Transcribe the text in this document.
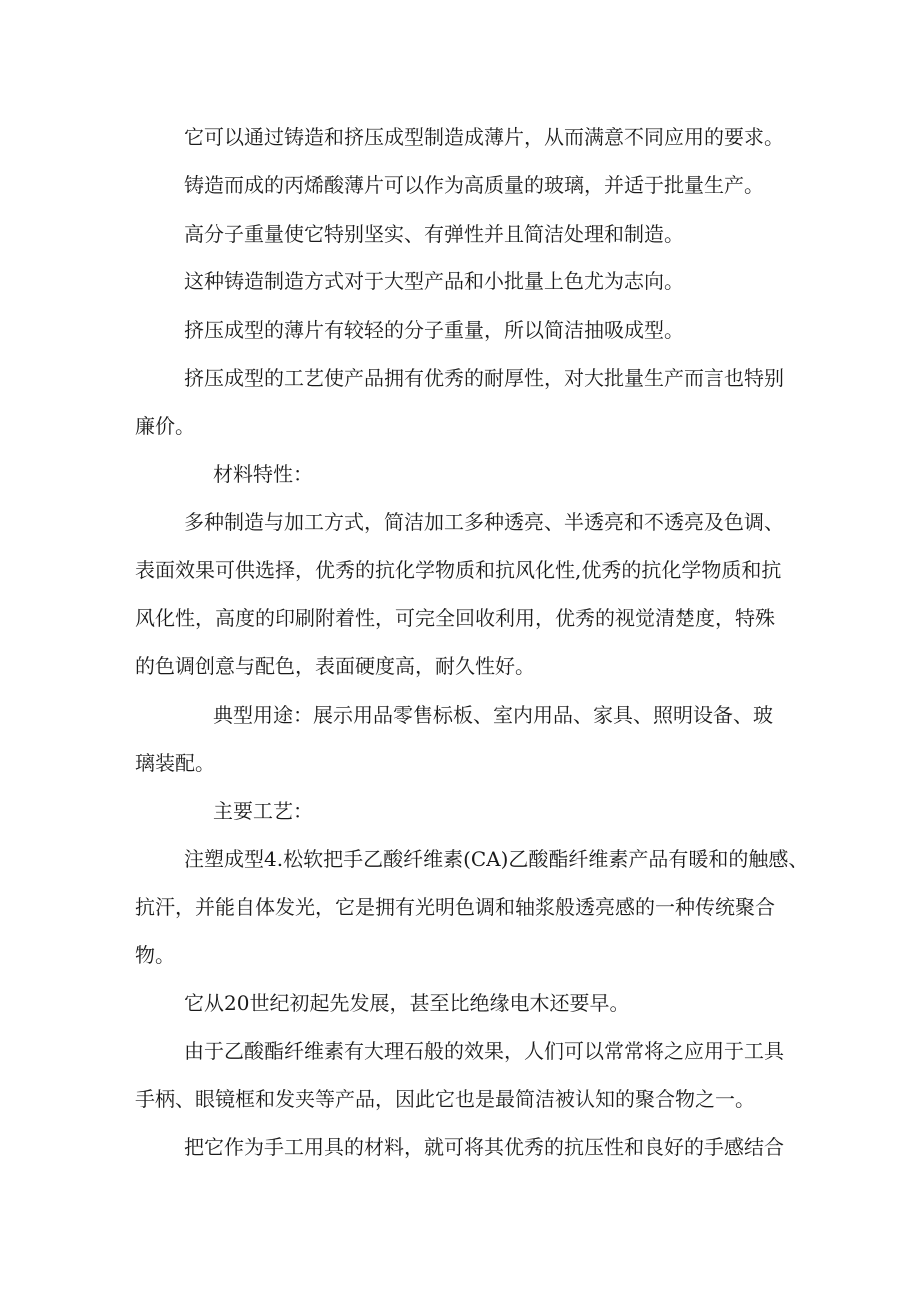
它可以通过铸造和挤压成型制造成薄片，从而满意不同应用的要求。
铸造而成的丙烯酸薄片可以作为高质量的玻璃，并适于批量生产。
高分子重量使它特别坚实、有弹性并且简洁处理和制造。
这种铸造制造方式对于大型产品和小批量上色尤为志向。
挤压成型的薄片有较轻的分子重量，所以简洁抽吸成型。
挤压成型的工艺使产品拥有优秀的耐厚性，对大批量生产而言也特别
廉价。
材料特性：
多种制造与加工方式，简洁加工多种透亮、半透亮和不透亮及色调、
表面效果可供选择，优秀的抗化学物质和抗风化性,优秀的抗化学物质和抗
风化性，高度的印刷附着性，可完全回收利用，优秀的视觉清楚度，特殊
的色调创意与配色，表面硬度高，耐久性好。
典型用途：展示用品零售标板、室内用品、家具、照明设备、玻
璃装配。
主要工艺：
注塑成型4.松软把手乙酸纤维素(CA)乙酸酯纤维素产品有暖和的触感、
抗汗，并能自体发光，它是拥有光明色调和轴浆般透亮感的一种传统聚合
物。
它从20世纪初起先发展，甚至比绝缘电木还要早。
由于乙酸酯纤维素有大理石般的效果，人们可以常常将之应用于工具
手柄、眼镜框和发夹等产品，因此它也是最简洁被认知的聚合物之一。
把它作为手工用具的材料，就可将其优秀的抗压性和良好的手感结合
